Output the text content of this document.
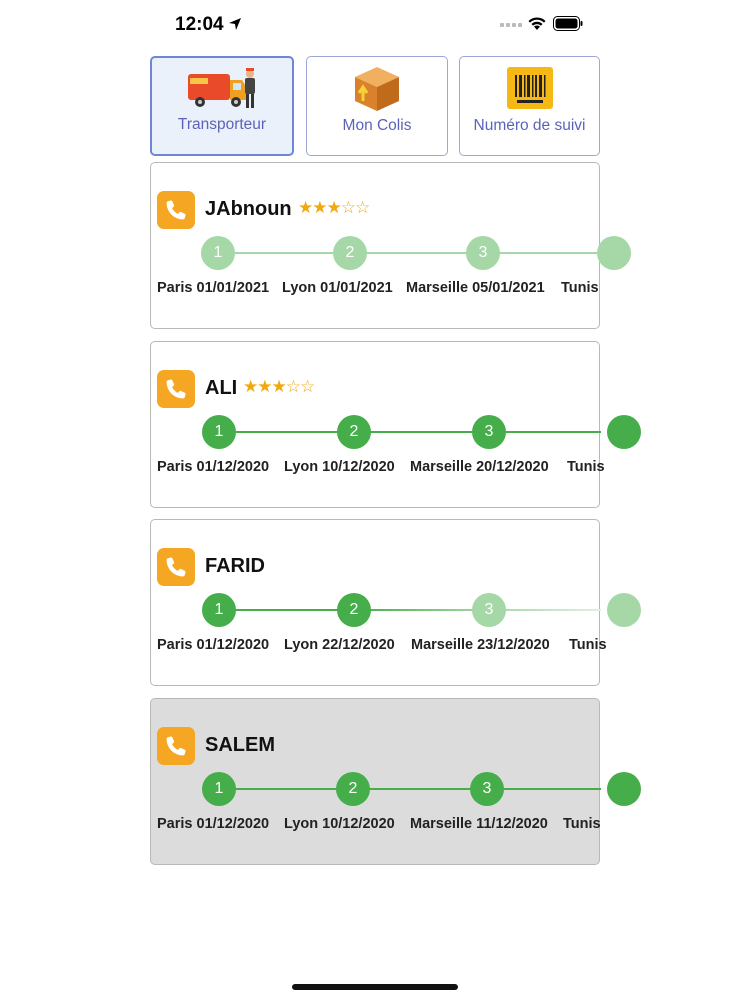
12:04
Transporteur	Mon Colis	Numéro de suivi
JAbnoun ★★★☆☆
1	2	3
Paris 01/01/2021 Lyon 01/01/2021 Marseille 05/01/2021 Tunis
ALI ★★★☆☆
1	2	3
Paris 01/12/2020 Lyon 10/12/2020 Marseille 20/12/2020 Tunis
FARID
1	2	3
Paris 01/12/2020 Lyon 22/12/2020 Marseille 23/12/2020 Tunis
SALEM
1	2	3
Paris 01/12/2020 Lyon 10/12/2020 Marseille 11/12/2020 Tunis
